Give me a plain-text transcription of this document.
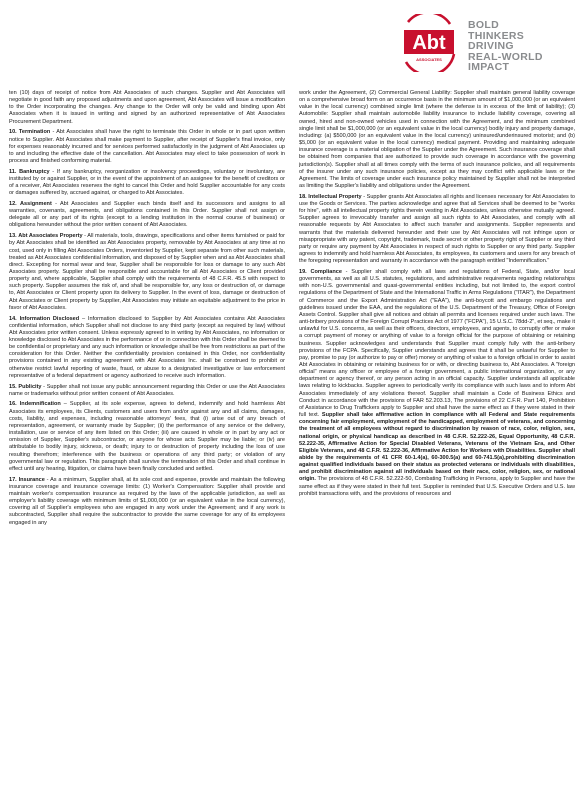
Abt
ASSOCIATES
BOLD
THINKERS
DRIVING
REAL-WORLD
IMPACT

ten (10) days of receipt of notice from Abt Associates of such changes. Supplier and Abt Associates will negotiate in good faith any proposed adjustments and upon agreement, Abt Associates will issue a modification to the Order incorporating the changes. Any change to the Order will only be valid and binding upon Abt Associates when it is issued in writing and signed by an authorized representative of Abt Associates Procurement Department.

10. Termination - Abt Associates shall have the right to terminate this Order in whole or in part upon written notice to Supplier. Abt Associates shall make payment to Supplier, after receipt of Supplier's final invoice, only for expenses reasonably incurred and for services performed satisfactorily in the judgment of Abt Associates up to and including the effective date of the cancellation. Abt Associates may elect to take possession of work in process and finished conforming material.

11. Bankruptcy - If any bankruptcy, reorganization or insolvency proceedings, voluntary or involuntary, are instituted by or against Supplier, or in the event of the appointment of an assignee for the benefit of creditors or of a receiver, Abt Associates reserves the right to cancel this Order and hold Supplier accountable for any costs or damages suffered by, accrued against, or charged to Abt Associates.

12. Assignment - Abt Associates and Supplier each binds itself and its successors and assigns to all warranties, covenants, agreements, and obligations contained in this Order. Supplier shall not assign or delegate all or any part of its rights (except to a lending institution in the normal course of business) or obligations hereunder without the prior written consent of Abt Associates.

13. Abt Associates Property - All materials, tools, drawings, specifications and other items furnished or paid for by Abt Associates shall be identified as Abt Associates property, removable by Abt Associates at any time at no cost, used only in filling Abt Associates Orders, inventoried by Supplier, kept separate from other such materials, treated as Abt Associates confidential information, and disposed of by Supplier when and as Abt Associates shall direct. Excepting for normal wear and tear, Supplier shall be responsible for loss or damage to any such Abt Associates property. Supplier shall be responsible and accountable for all Abt Associates or Client provided property and, where applicable, Supplier shall comply with the requirements of 48 C.F.R. 45.5 with respect to such property. Supplier assumes the risk of, and shall be responsible for, any loss or destruction of, or damage to, Abt Associates or Client property upon its delivery to Supplier. In the event of loss, damage or destruction of Abt Associates or Client property by Supplier, Abt Associates may initiate an equitable adjustment to the price in favor of Abt Associates.

14. Information Disclosed – Information disclosed to Supplier by Abt Associates contains Abt Associates confidential information, which Supplier shall not disclose to any third party (except as required by law) without Abt Associates prior written consent. Unless expressly agreed to in writing by Abt Associates, no information or knowledge disclosed to Abt Associates in the performance of or in connection with this Order shall be deemed to be confidential or proprietary and any such information or knowledge shall be free from restrictions as part of the consideration for this Order. Neither the confidentiality provision contained in this Order, nor confidentiality provisions contained in any existing agreement with Abt Associates Inc. shall be construed to prohibit or otherwise restrict lawful reporting of waste, fraud, or abuse to a designated investigative or law enforcement representative of a federal department or agency authorized to receive such information.

15. Publicity - Supplier shall not issue any public announcement regarding this Order or use the Abt Associates name or trademarks without prior written consent of Abt Associates.

16. Indemnification – Supplier, at its sole expense, agrees to defend, indemnify and hold harmless Abt Associates its employees, its Clients, customers and users from and/or against any and all claims, damages, costs, liability, and expenses, including reasonable attorneys' fees, that (i) arise out of any breach of representation, agreement, or warranty made by Supplier; (ii) the performance of any service or the delivery, installation, use or service of any item listed on this Order; (iii) are caused in whole or in part by any act or omission of Supplier, Supplier's subcontractor, or anyone for whose acts Supplier may be liable; or (iv) are attributable to bodily injury, sickness, or death; injury to or destruction of property including the loss of use resulting therefrom; interference with the business or operations of any third party; or violation of any governmental law or regulation. This paragraph shall survive the termination of this Order and shall continue in effect until any hearing, litigation, or claims have been finally concluded and settled.

17. Insurance - As a minimum, Supplier shall, at its sole cost and expense, provide and maintain the following insurance coverage and insurance coverage limits: (1) Worker's Compensation: Supplier shall provide and maintain worker's compensation insurance as required by the laws of the applicable jurisdiction, as well as employer's liability coverage with minimum limits of $1,000,000 (or an equivalent value in the local currency), covering all of Supplier's employees who are engaged in any work under the Agreement; and if any work is subcontracted, Supplier shall require the subcontractor to provide the same coverage for any of its employees engaged in any

work under the Agreement, (2) Commercial General Liability: Supplier shall maintain general liability coverage on a comprehensive broad form on an occurrence basis in the minimum amount of $1,000,000 (or an equivalent value in the local currency) combined single limit (where the defense is in excess of the limit of liability); (3) Automobile: Supplier shall maintain automobile liability insurance to include liability coverage, covering all owned, hired and non-owned vehicles used in connection with the Agreement, and the minimum combined single limit shall be $1,000,000 (or an equivalent value in the local currency) bodily injury and property damage, including: (a) $500,000 (or an equivalent value in the local currency) uninsured/underinsured motorist; and (b) $5,000 (or an equivalent value in the local currency) medical payment. Providing and maintaining adequate insurance coverage is a material obligation of the Supplier under the Agreement. Such insurance coverage shall be obtained from companies that are authorized to provide such coverage in accordance with the governing jurisdiction(s). Supplier shall at all times comply with the terms of such insurance policies, and all requirements of the insurer under any such insurance policies, except as they may conflict with applicable laws or the Agreement. The limits of coverage under each insurance policy maintained by Supplier shall not be interpreted as limiting the Supplier's liability and obligations under the Agreement.

18. Intellectual Property - Supplier grants Abt Associates all rights and licenses necessary for Abt Associates to use the Goods or Services. The parties acknowledge and agree that all Services shall be deemed to be "works for hire", with all intellectual property rights therein vesting in Abt Associates, unless otherwise mutually agreed. Supplier agrees to irrevocably transfer and assign all such rights to Abt Associates, and comply with all reasonable requests by Abt Associates to affect such transfer and assignments. Supplier represents and warrants that the materials delivered hereunder and their use by Abt Associates will not infringe upon or misappropriate with any patent, copyright, trademark, trade secret or other property right of Supplier or any third party or require any payment by Abt Associates in respect of such rights to Supplier or any third party. Supplier agrees to indemnify and hold harmless Abt Associates, its employees, its customers and users for any breach of the foregoing representation and warranty in accordance with the paragraph entitled "Indemnification."

19. Compliance - Supplier shall comply with all laws and regulations of Federal, State, and/or local governments, as well as all U.S. statutes, regulations, and administrative requirements regarding relationships with non-U.S. governmental and quasi-governmental entities including, but not limited to, the export control regulations of the Department of State and the International Traffic in Arms Regulations ("ITAR"), the Department of Commerce and the Export Administration Act ("EAA"), the anti-boycott and embargo regulations and guidelines issued under the EAA, and the regulations of the U.S. Department of the Treasury, Office of Foreign Assets Control. Supplier shall give all notices and obtain all permits and licenses required under such laws. The anti-bribery provisions of the Foreign Corrupt Practices Act of 1977 ("FCPA"), 15 U.S.C. 78dd-2", et seq., make it unlawful for U.S. concerns, as well as their officers, directors, employees, and agents, to corruptly offer or make a corrupt payment of money or anything of value to a foreign official for the purpose of obtaining or retaining business. Supplier acknowledges and understands that Supplier must comply fully with the anti-bribery provisions of the FCPA. Specifically, Supplier understands and agrees that it shall be unlawful for Supplier to pay, promise to pay (or authorize to pay or offer) money or anything of value to a foreign official in order to assist Abt Associates in obtaining or retaining business for or with, or directing business to, Abt Associates. A "foreign official" means any officer or employee of a foreign government, a public international organization, or any department or agency thereof, or any person acting in an official capacity. Supplier understands all applicable laws relating to kickbacks. Supplier agrees to periodically verify its compliance with such laws and to inform Abt Associates immediately of any violations thereof. Supplier shall maintain a Code of Business Ethics and Conduct in accordance with the provisions of FAR 52.203.13, The provisions of 22 C.F.R. Part 140, Prohibition of Assistance to Drug Traffickers apply to Supplier and shall have the same effect as if they were stated in their full text. Supplier shall take affirmative action in compliance with all Federal and State requirements concerning fair employment, employment of the handicapped, employment of veterans, and concerning the treatment of all employees without regard to discrimination by reason of race, color, religion, sex, national origin, or physical handicap as described in 48 C.F.R. 52.222-26, Equal Opportunity, 48 C.F.R. 52.222-35, Affirmative Action for Special Disabled Veterans, Veterans of the Vietnam Era, and Other Eligible Veterans, and 48 C.F.R. 52.222-36, Affirmative Action for Workers with Disabilities. Supplier shall abide by the requirements of 41 CFR 60-1.4(a), 60-300.5(a) and 60-741.5(a),prohibiting discrimination against qualified individuals based on their status as protected veterans or individuals with disabilities, and prohibit discrimination against all individuals based on their race, color, religion, sex, or national origin. The provisions of 48 C.F.R. 52.222-50, Combating Trafficking in Persons, apply to Supplier and have the same effect as if they were stated in their full text. Supplier is reminded that U.S. Executive Orders and U.S. law prohibit transactions with, and the provisions of resources and
